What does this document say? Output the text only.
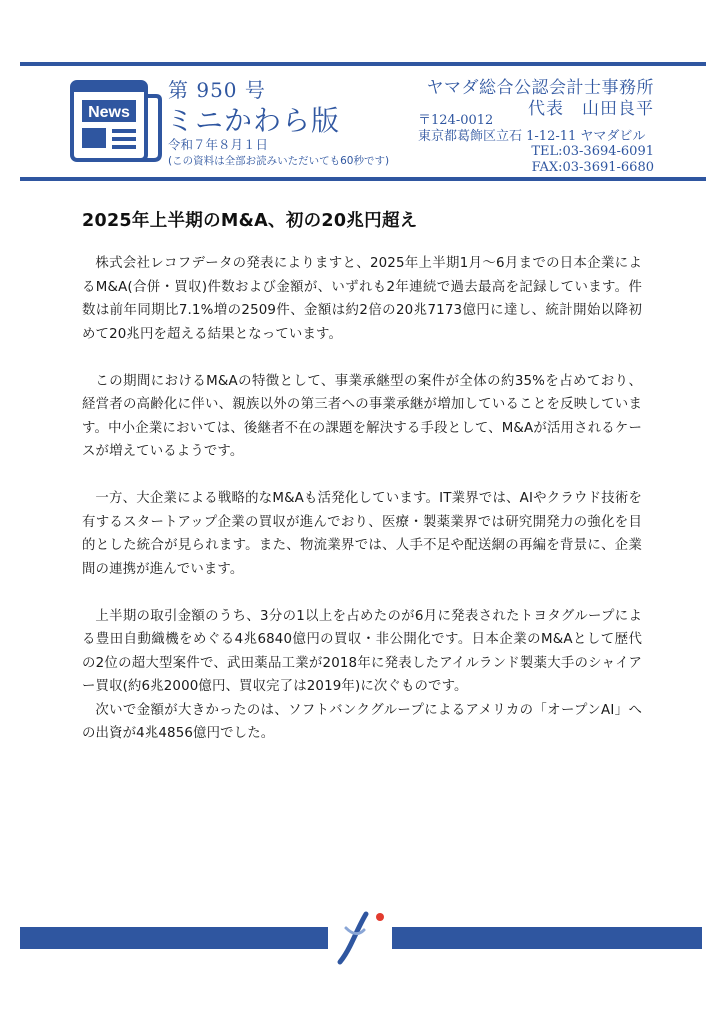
News
第 950 号
ミニかわら版
令和７年８月１日
(この資料は全部お読みいただいても60秒です)
ヤマダ総合公認会計士事務所
代表　山田良平
〒124-0012
東京都葛飾区立石 1-12-11 ヤマダビル

TEL:03-3694-6091
FAX:03-3691-6680
2025年上半期のM&A、初の20兆円超え

株式会社レコフデータの発表によりますと、2025年上半期1月～6月までの日本企業によるM&A(合併・買収)件数および金額が、いずれも2年連続で過去最高を記録しています。件数は前年同期比7.1%増の2509件、金額は約2倍の20兆7173億円に達し、統計開始以降初めて20兆円を超える結果となっています。

この期間におけるM&Aの特徴として、事業承継型の案件が全体の約35%を占めており、経営者の高齢化に伴い、親族以外の第三者への事業承継が増加していることを反映しています。中小企業においては、後継者不在の課題を解決する手段として、M&Aが活用されるケースが増えているようです。

一方、大企業による戦略的なM&Aも活発化しています。IT業界では、AIやクラウド技術を有するスタートアップ企業の買収が進んでおり、医療・製薬業界では研究開発力の強化を目的とした統合が見られます。また、物流業界では、人手不足や配送網の再編を背景に、企業間の連携が進んでいます。

上半期の取引金額のうち、3分の1以上を占めたのが6月に発表されたトヨタグループによる豊田自動織機をめぐる4兆6840億円の買収・非公開化です。日本企業のM&Aとして歴代の2位の超大型案件で、武田薬品工業が2018年に発表したアイルランド製薬大手のシャイアー買収(約6兆2000億円、買収完了は2019年)に次ぐものです。

次いで金額が大きかったのは、ソフトバンクグループによるアメリカの「オープンAI」への出資が4兆4856億円でした。
